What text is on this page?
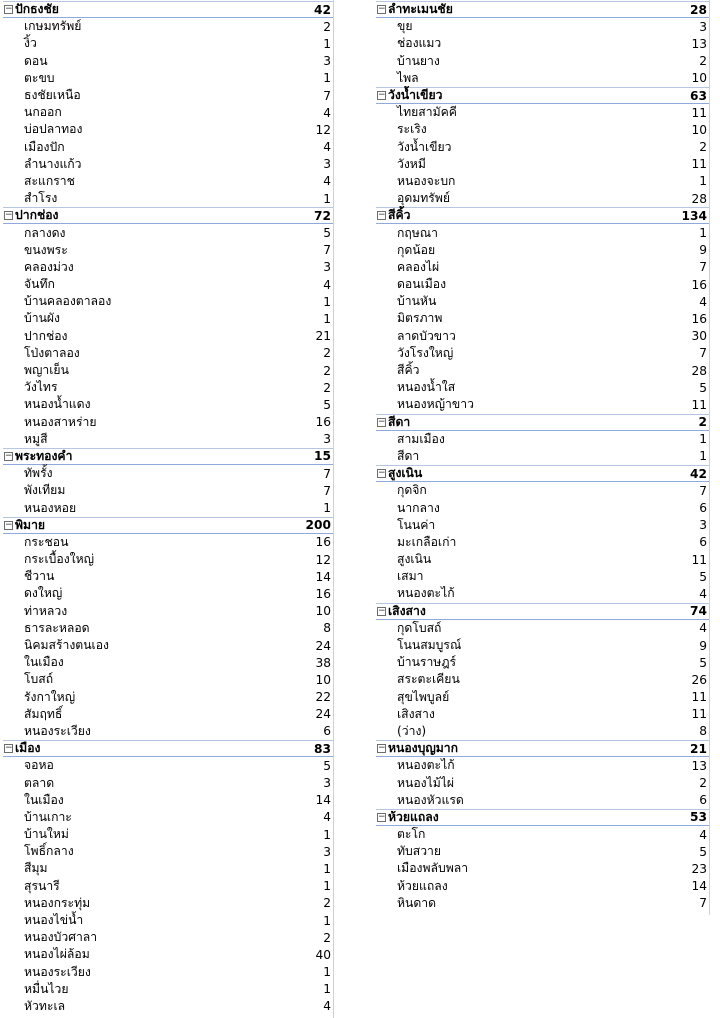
− ปักธงชัย	42
เกษมทรัพย์	2
งิ้ว	1
ดอน	3
ตะขบ	1
ธงชัยเหนือ	7
นกออก	4
บ่อปลาทอง	12
เมืองปัก	4
ลำนางแก้ว	3
สะแกราช	4
สำโรง	1
− ปากช่อง	72
กลางดง	5
ขนงพระ	7
คลองม่วง	3
จันทึก	4
บ้านคลองตาลอง	1
บ้านผัง	1
ปากช่อง	21
โป่งตาลอง	2
พญาเย็น	2
วังไทร	2
หนองน้ำแดง	5
หนองสาหร่าย	16
หมูสี	3
− พระทองคำ	15
ทัพรั้ง	7
พังเทียม	7
หนองหอย	1
− พิมาย	200
กระชอน	16
กระเบื้องใหญ่	12
ชีวาน	14
ดงใหญ่	16
ท่าหลวง	10
ธารละหลอด	8
นิคมสร้างตนเอง	24
ในเมือง	38
โบสถ์	10
รังกาใหญ่	22
สัมฤทธิ์	24
หนองระเวียง	6
− เมือง	83
จอหอ	5
ตลาด	3
ในเมือง	14
บ้านเกาะ	4
บ้านใหม่	1
โพธิ์กลาง	3
สีมุม	1
สุรนารี	1
หนองกระทุ่ม	2
หนองไข่น้ำ	1
หนองบัวศาลา	2
หนองไผ่ล้อม	40
หนองระเวียง	1
หมื่นไวย	1
หัวทะเล	4
− ลำทะเมนชัย	28
ขุย	3
ช่องแมว	13
บ้านยาง	2
ไพล	10
− วังน้ำเขียว	63
ไทยสามัคคี	11
ระเริง	10
วังน้ำเขียว	2
วังหมี	11
หนองจะบก	1
อุดมทรัพย์	28
− สีคิ้ว	134
กฤษณา	1
กุดน้อย	9
คลองไผ่	7
ดอนเมือง	16
บ้านหัน	4
มิตรภาพ	16
ลาดบัวขาว	30
วังโรงใหญ่	7
สีคิ้ว	28
หนองน้ำใส	5
หนองหญ้าขาว	11
− สีดา	2
สามเมือง	1
สีดา	1
− สูงเนิน	42
กุดจิก	7
นากลาง	6
โนนค่า	3
มะเกลือเก่า	6
สูงเนิน	11
เสมา	5
หนองตะไก้	4
− เสิงสาง	74
กุดโบสถ์	4
โนนสมบูรณ์	9
บ้านราษฎร์	5
สระตะเคียน	26
สุขไพบูลย์	11
เสิงสาง	11
(ว่าง)	8
− หนองบุญมาก	21
หนองตะไก้	13
หนองไม้ไผ่	2
หนองหัวแรด	6
− ห้วยแถลง	53
ตะโก	4
ทับสวาย	5
เมืองพลับพลา	23
ห้วยแถลง	14
หินดาด	7
